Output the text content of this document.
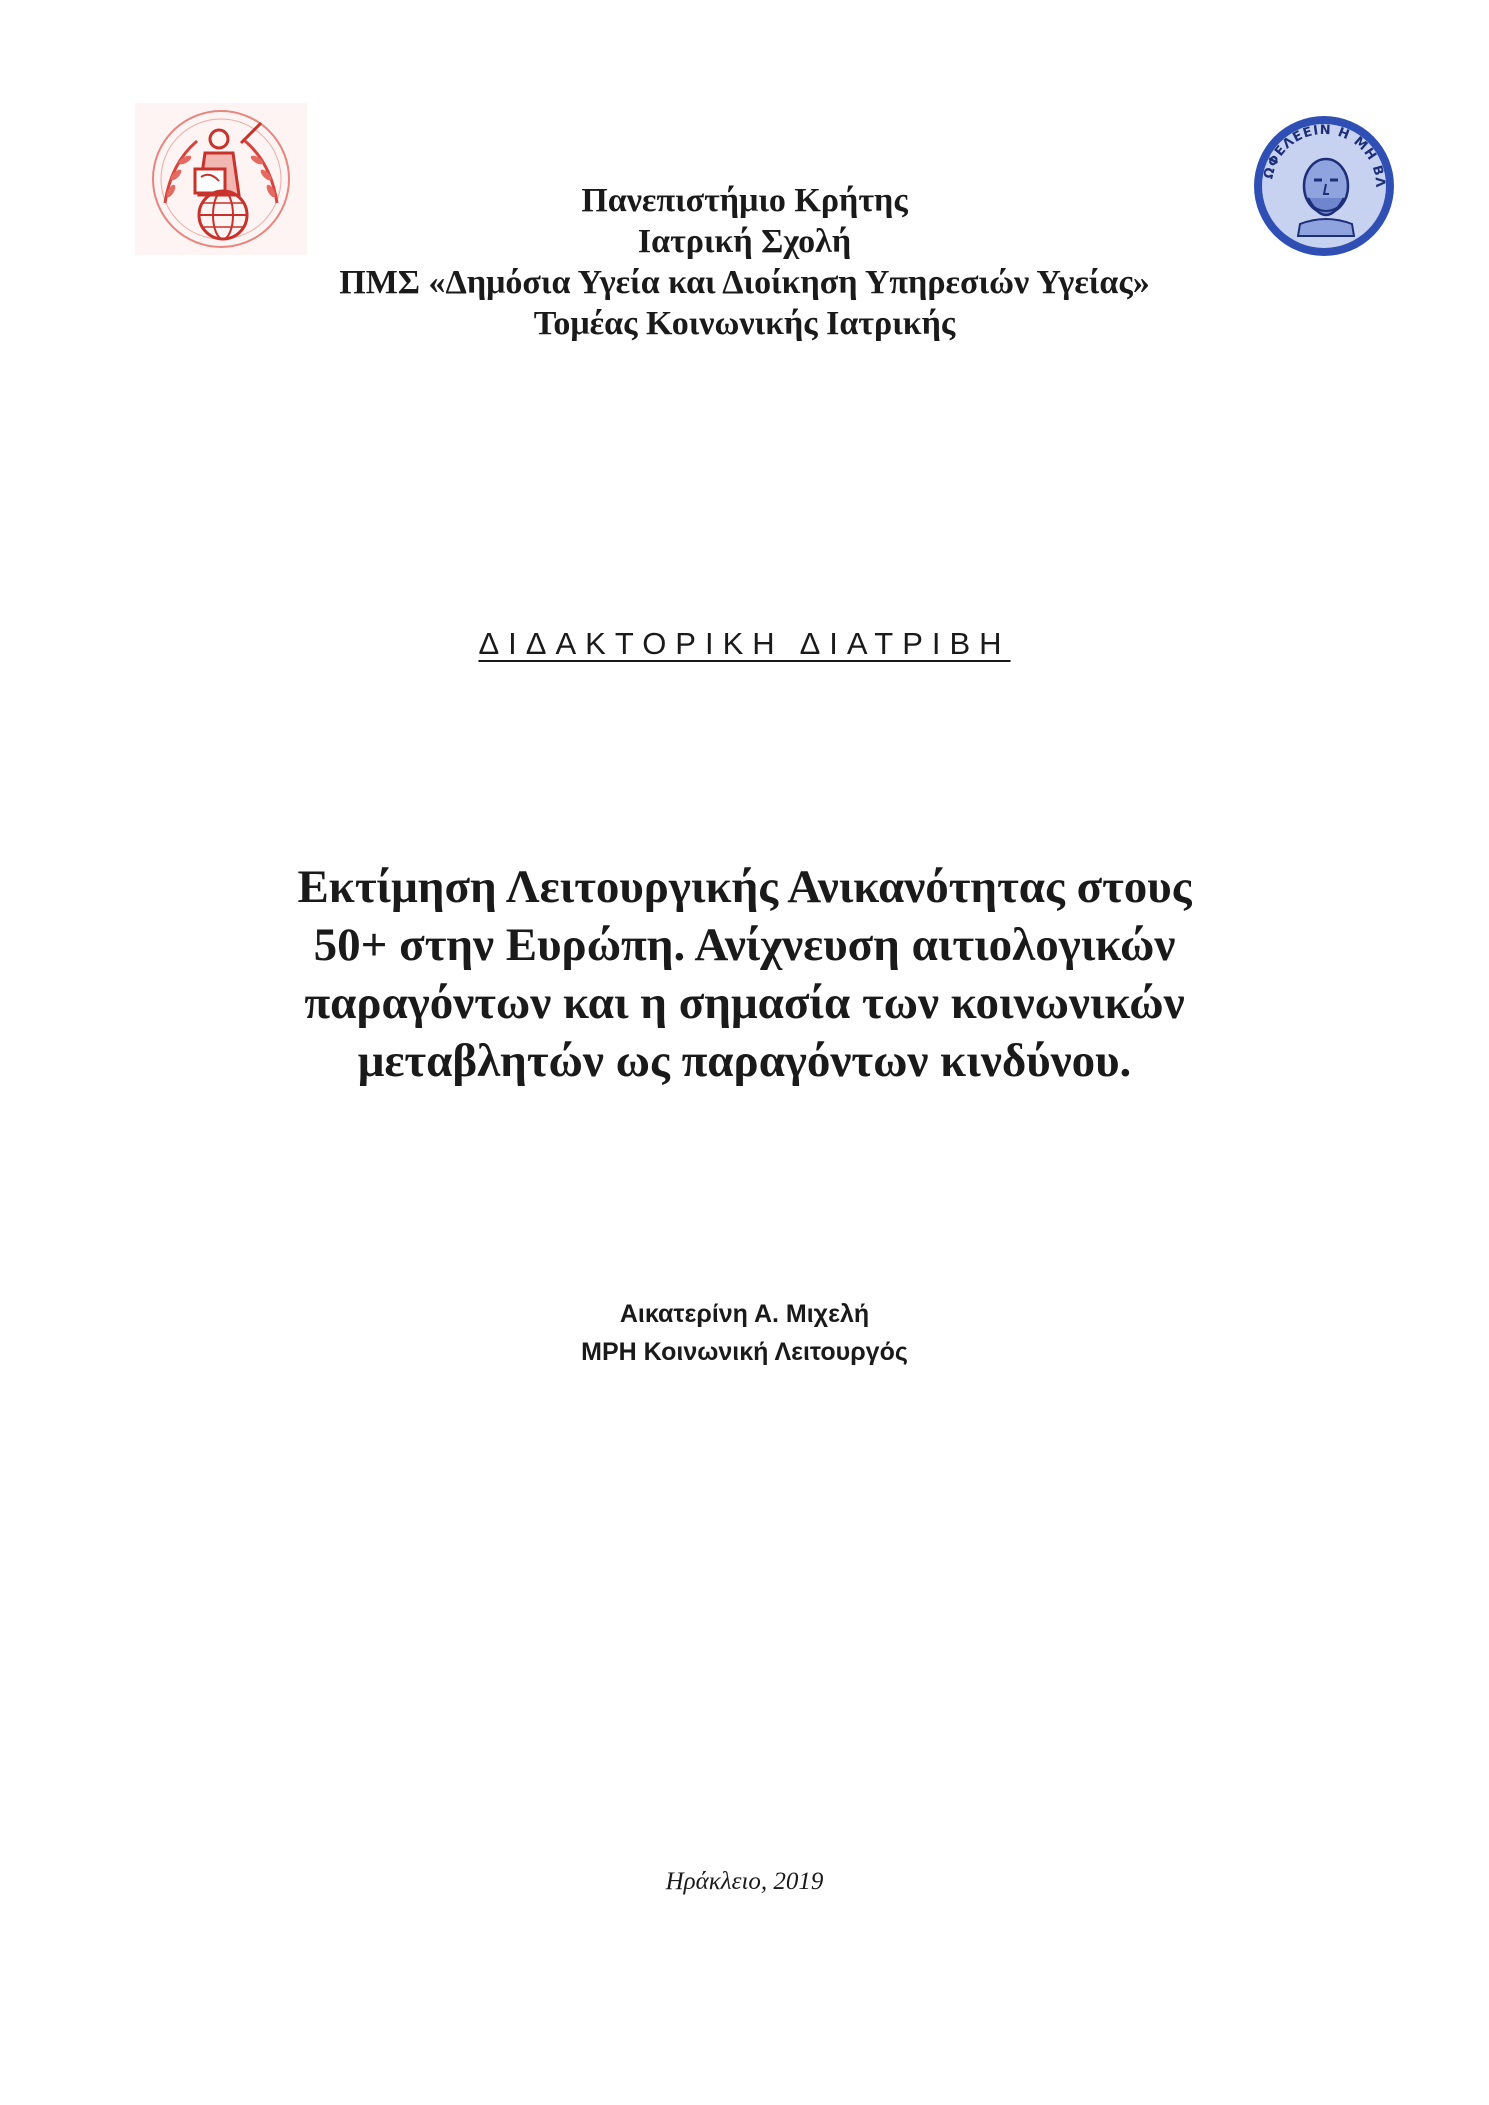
ΩΦΕΛΕΕΙΝ Η ΜΗ ΒΛ
Πανεπιστήμιο Κρήτης
Ιατρική Σχολή
ΠΜΣ «Δημόσια Υγεία και Διοίκηση Υπηρεσιών Υγείας»
Τομέας Κοινωνικής Ιατρικής
ΔΙΔΑΚΤΟΡΙΚΗ ΔΙΑΤΡΙΒΗ
Εκτίμηση Λειτουργικής Ανικανότητας στους
50+ στην Ευρώπη. Ανίχνευση αιτιολογικών
παραγόντων και η σημασία των κοινωνικών
μεταβλητών ως παραγόντων κινδύνου.
Αικατερίνη Α. Μιχελή
MPH Κοινωνική Λειτουργός
Ηράκλειο, 2019
